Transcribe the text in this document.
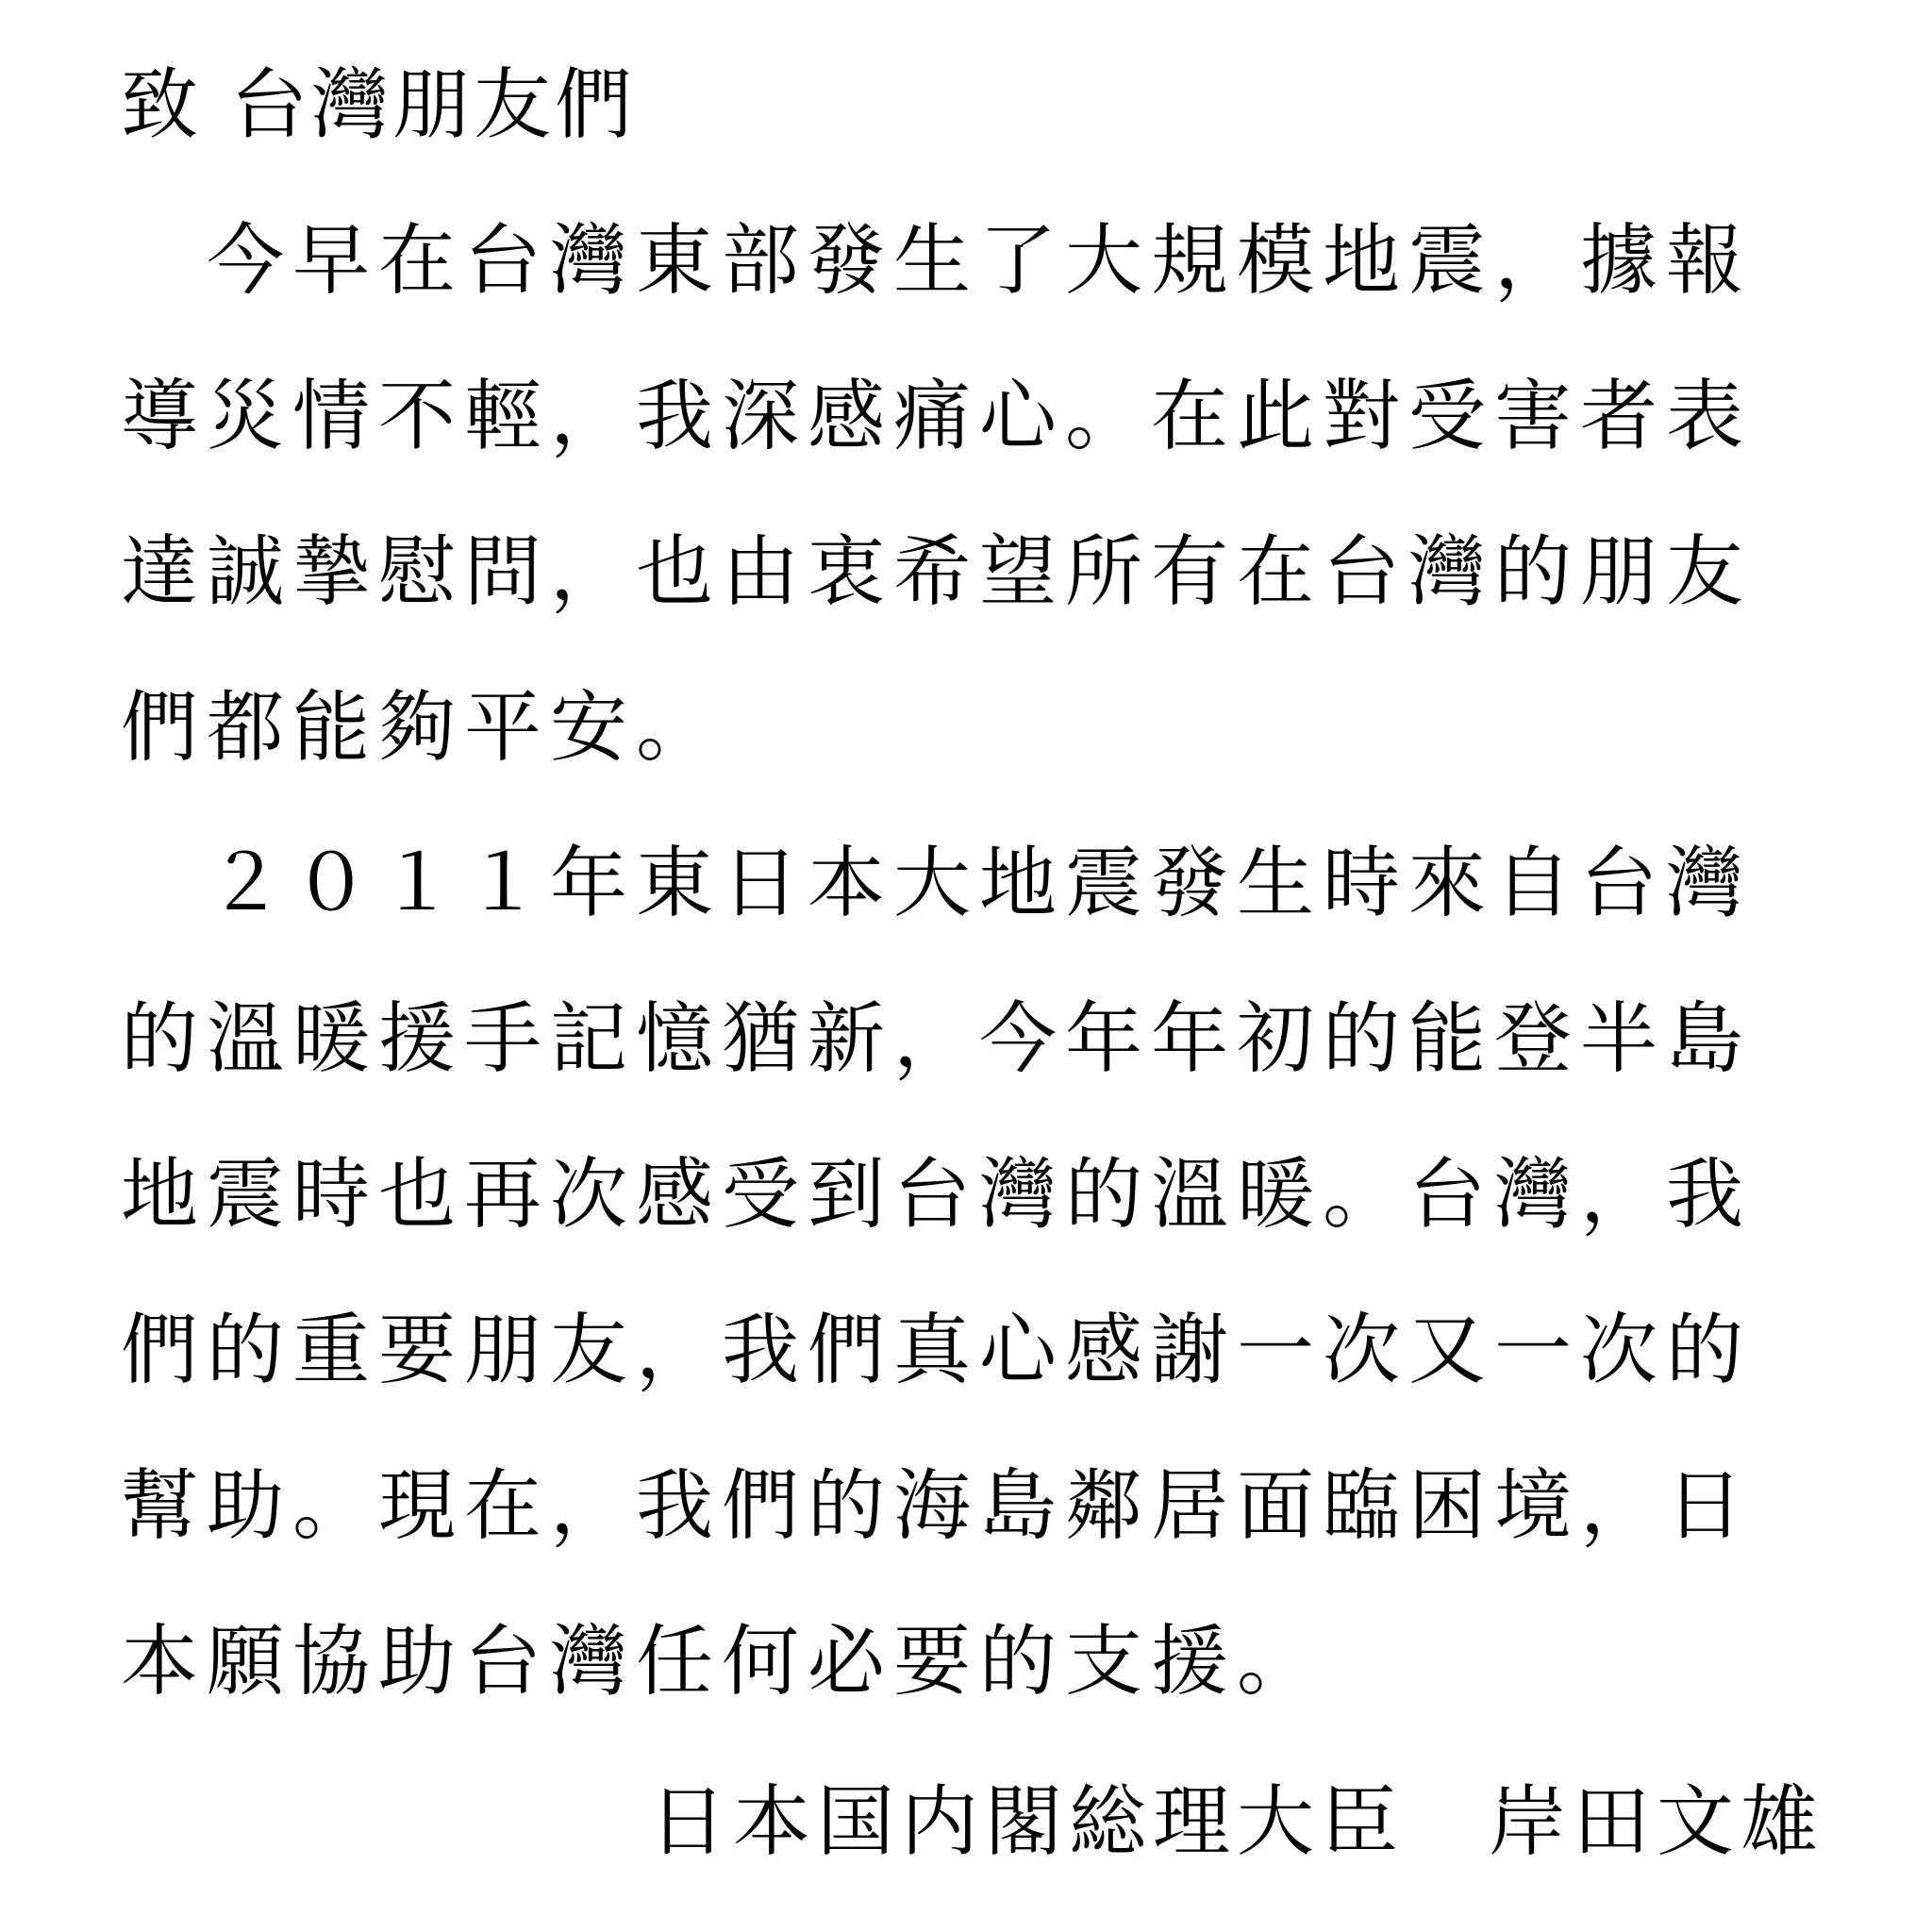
致 台灣朋友們
　今早在台灣東部發生了大規模地震，據報
導災情不輕，我深感痛心。在此對受害者表
達誠摯慰問，也由衷希望所有在台灣的朋友
們都能夠平安。
　２０１１年東日本大地震發生時來自台灣
的溫暖援手記憶猶新，今年年初的能登半島
地震時也再次感受到台灣的溫暖。台灣，我
們的重要朋友，我們真心感謝一次又一次的
幫助。現在，我們的海島鄰居面臨困境，日
本願協助台灣任何必要的支援。
日本国内閣総理大臣　岸田文雄
